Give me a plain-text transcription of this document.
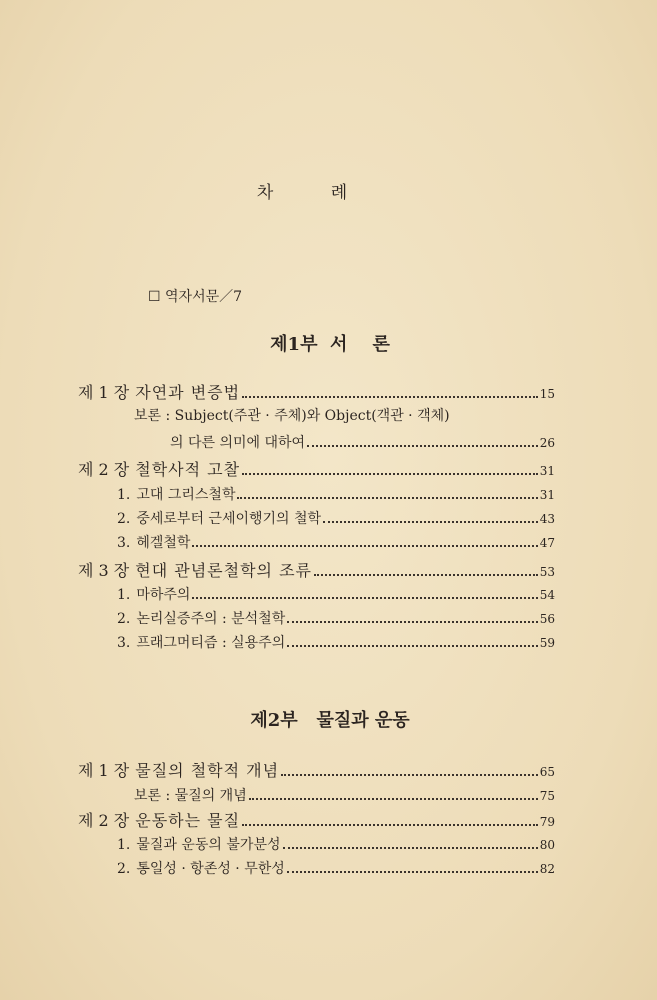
차 례
☐ 역자서문／7
제1부  서    론
제 1 장 자연과 변증법	15
보론 : Subject(주관 · 주체)와 Object(객관 · 객체)
의 다른 의미에 대하여	26
제 2 장 철학사적 고찰	31
1. 고대 그리스철학	31
2. 중세로부터 근세이행기의 철학	43
3. 헤겔철학	47
제 3 장 현대 관념론철학의 조류	53
1. 마하주의	54
2. 논리실증주의 : 분석철학	56
3. 프래그머티즘 : 실용주의	59
제2부   물질과 운동
제 1 장 물질의 철학적 개념	65
보론 : 물질의 개념	75
제 2 장 운동하는 물질	79
1. 물질과 운동의 불가분성	80
2. 통일성 · 항존성 · 무한성	82
